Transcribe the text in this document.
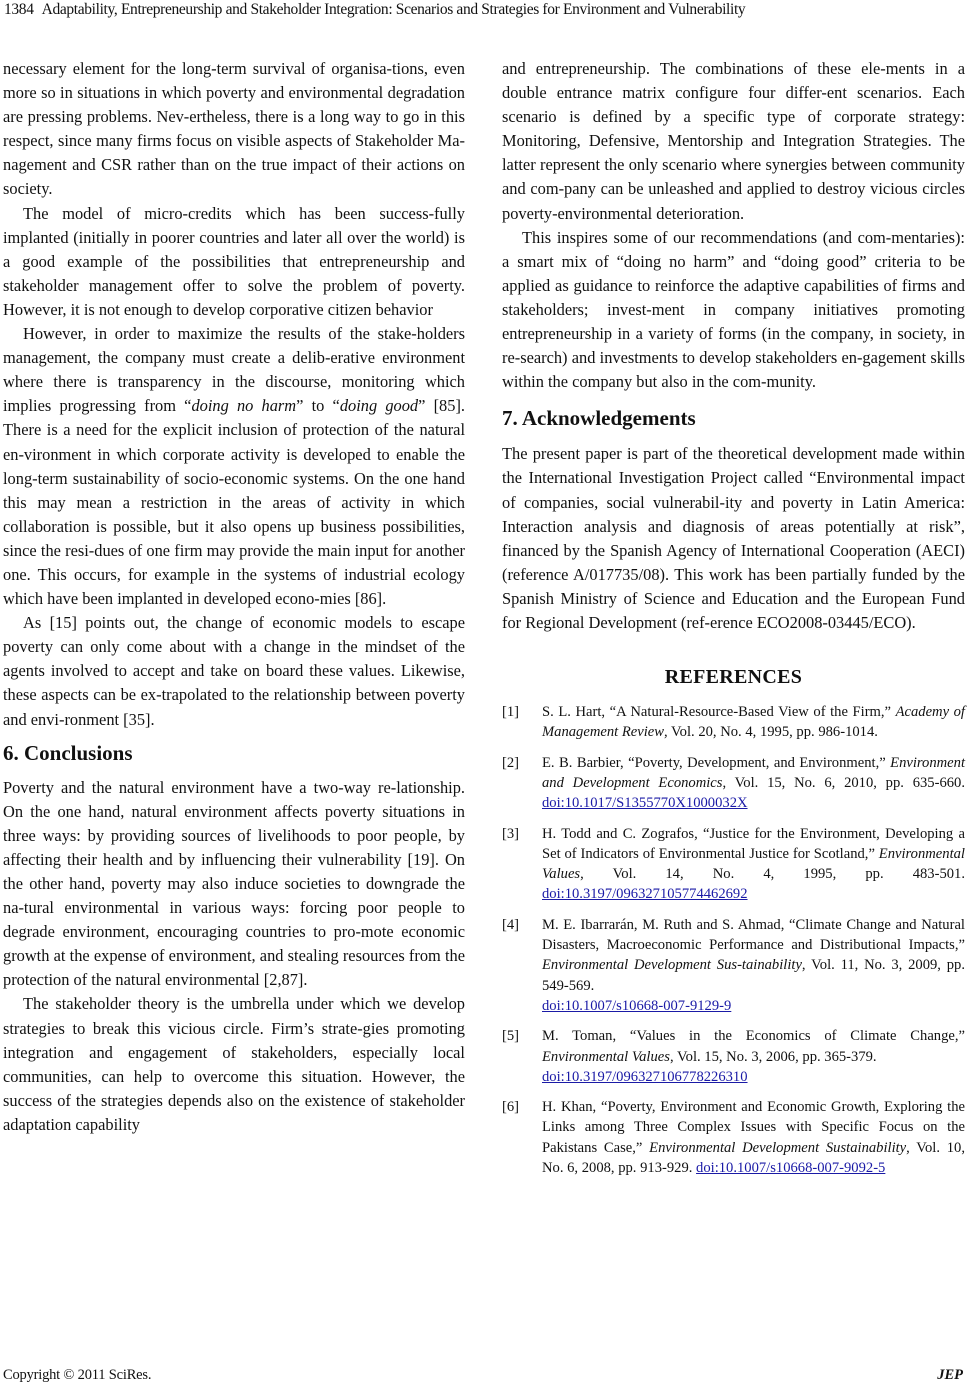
1384 Adaptability, Entrepreneurship and Stakeholder Integration: Scenarios and Strategies for Environment and Vulnerability

necessary element for the long-term survival of organisa-tions, even more so in situations in which poverty and environmental degradation are pressing problems. Nev-ertheless, there is a long way to go in this respect, since many firms focus on visible aspects of Stakeholder Ma-nagement and CSR rather than on the true impact of their actions on society.

The model of micro-credits which has been success-fully implanted (initially in poorer countries and later all over the world) is a good example of the possibilities that entrepreneurship and stakeholder management offer to solve the problem of poverty. However, it is not enough to develop corporative citizen behavior

However, in order to maximize the results of the stake-holders management, the company must create a delib-erative environment where there is transparency in the discourse, monitoring which implies progressing from “doing no harm” to “doing good” [85]. There is a need for the explicit inclusion of protection of the natural en-vironment in which corporate activity is developed to enable the long-term sustainability of socio-economic systems. On the one hand this may mean a restriction in the areas of activity in which collaboration is possible, but it also opens up business possibilities, since the resi-dues of one firm may provide the main input for another one. This occurs, for example in the systems of industrial ecology which have been implanted in developed econo-mies [86].

As [15] points out, the change of economic models to escape poverty can only come about with a change in the mindset of the agents involved to accept and take on board these values. Likewise, these aspects can be ex-trapolated to the relationship between poverty and envi-ronment [35].

6. Conclusions

Poverty and the natural environment have a two-way re-lationship. On the one hand, natural environment affects poverty situations in three ways: by providing sources of livelihoods to poor people, by affecting their health and by influencing their vulnerability [19]. On the other hand, poverty may also induce societies to downgrade the na-tural environmental in various ways: forcing poor people to degrade environment, encouraging countries to pro-mote economic growth at the expense of environment, and stealing resources from the protection of the natural environmental [2,87].

The stakeholder theory is the umbrella under which we develop strategies to break this vicious circle. Firm’s strate-gies promoting integration and engagement of stakeholders, especially local communities, can help to overcome this situation. However, the success of the strategies depends also on the existence of stakeholder adaptation capability

and entrepreneurship. The combinations of these ele-ments in a double entrance matrix configure four differ-ent scenarios. Each scenario is defined by a specific type of corporate strategy: Monitoring, Defensive, Mentorship and Integration Strategies. The latter represent the only scenario where synergies between community and com-pany can be unleashed and applied to destroy vicious circles poverty-environmental deterioration.

This inspires some of our recommendations (and com-mentaries): a smart mix of “doing no harm” and “doing good” criteria to be applied as guidance to reinforce the adaptive capabilities of firms and stakeholders; invest-ment in company initiatives promoting entrepreneurship in a variety of forms (in the company, in society, in re-search) and investments to develop stakeholders en-gagement skills within the company but also in the com-munity.

7. Acknowledgements

The present paper is part of the theoretical development made within the International Investigation Project called “Environmental impact of companies, social vulnerabil-ity and poverty in Latin America: Interaction analysis and diagnosis of areas potentially at risk”, financed by the Spanish Agency of International Cooperation (AECI) (reference A/017735/08). This work has been partially funded by the Spanish Ministry of Science and Education and the European Fund for Regional Development (ref-erence ECO2008-03445/ECO).

REFERENCES
[1]	S. L. Hart, “A Natural-Resource-Based View of the Firm,” Academy of Management Review, Vol. 20, No. 4, 1995, pp. 986-1014.
[2]	E. B. Barbier, “Poverty, Development, and Environment,” Environment and Development Economics, Vol. 15, No. 6, 2010, pp. 635-660. doi:10.1017/S1355770X1000032X
[3]	H. Todd and C. Zografos, “Justice for the Environment, Developing a Set of Indicators of Environmental Justice for Scotland,” Environmental Values, Vol. 14, No. 4, 1995, pp. 483-501. doi:10.3197/096327105774462692
[4]	M. E. Ibarrarán, M. Ruth and S. Ahmad, “Climate Change and Natural Disasters, Macroeconomic Performance and Distributional Impacts,” Environmental Development Sus-tainability, Vol. 11, No. 3, 2009, pp. 549-569.
doi:10.1007/s10668-007-9129-9
[5]	M. Toman, “Values in the Economics of Climate Change,” Environmental Values, Vol. 15, No. 3, 2006, pp. 365-379.
doi:10.3197/096327106778226310
[6]	H. Khan, “Poverty, Environment and Economic Growth, Exploring the Links among Three Complex Issues with Specific Focus on the Pakistans Case,” Environmental Development Sustainability, Vol. 10, No. 6, 2008, pp. 913-929. doi:10.1007/s10668-007-9092-5
Copyright © 2011 SciRes.	JEP
